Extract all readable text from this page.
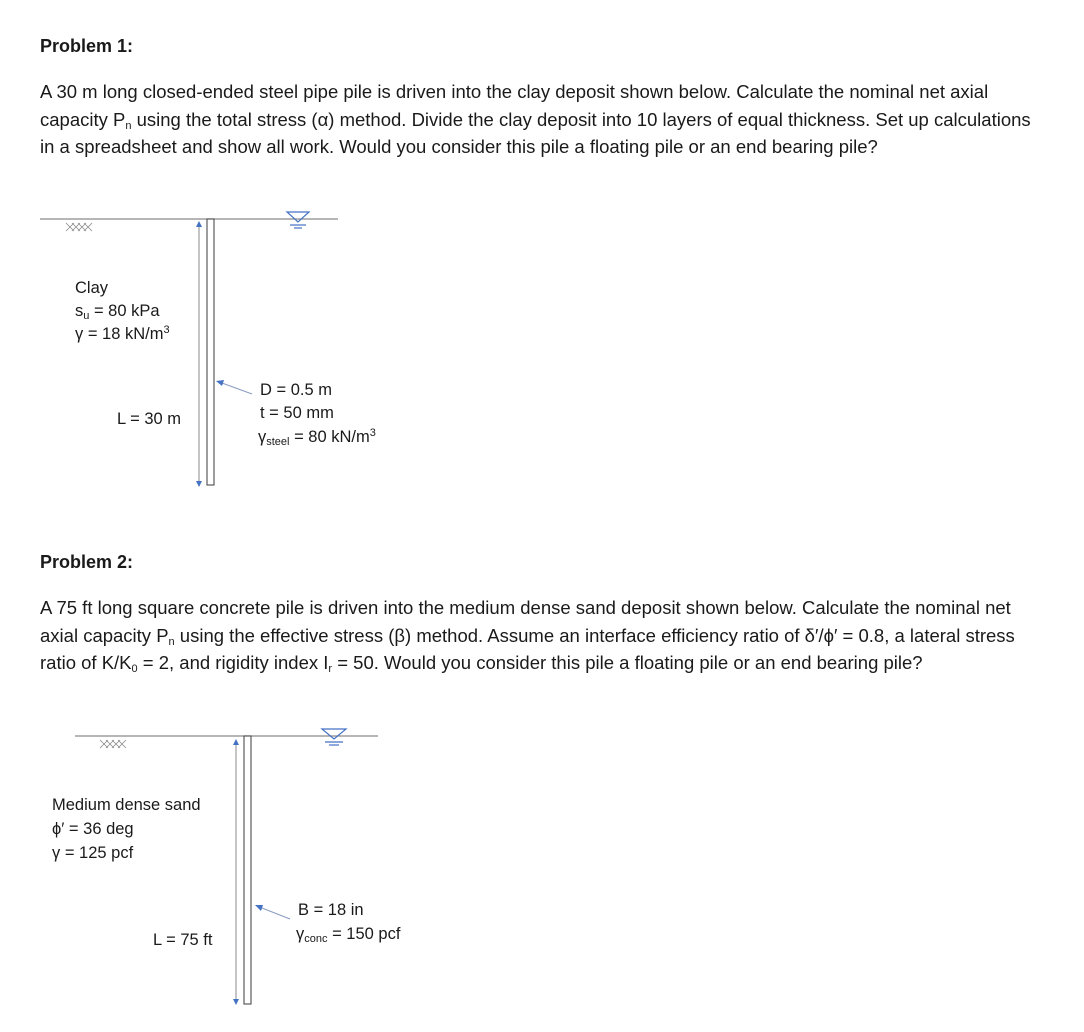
Problem 1:
A 30 m long closed-ended steel pipe pile is driven into the clay deposit shown below. Calculate the nominal net axial capacity $P_n$ using the total stress (α) method. Divide the clay deposit into 10 layers of equal thickness. Set up calculations in a spreadsheet and show all work. Would you consider this pile a floating pile or an end bearing pile?
Clay
$s_u = 80$ kPa
γ = 18 $kN/m^3$
L = 30 m
D = 0.5 m
t = 50 mm
$\gamma_{steel} = 80$ $kN/m^3$
Problem 2:
A 75 ft long square concrete pile is driven into the medium dense sand deposit shown below. Calculate the nominal net axial capacity $P_n$ using the effective stress (β) method. Assume an interface efficiency ratio of δ′/ϕ′ = 0.8, a lateral stress ratio of $K/K_0 = 2$, and rigidity index $I_r = 50$. Would you consider this pile a floating pile or an end bearing pile?
Medium dense sand
ϕ′ = 36 deg
γ = 125 pcf
L = 75 ft
B = 18 in
$\gamma_{conc} = 150$ pcf
